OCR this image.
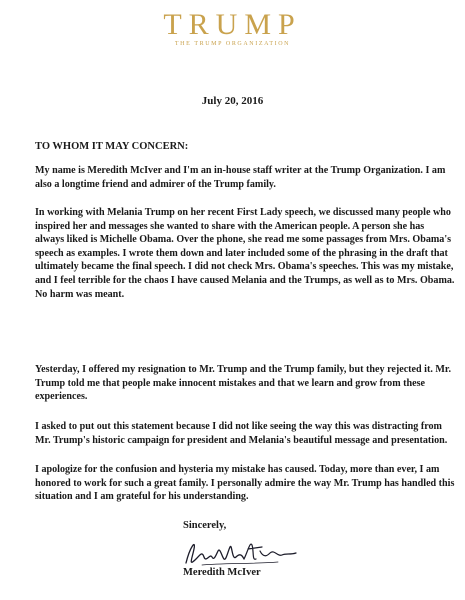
TRUMP
THE TRUMP ORGANIZATION
July 20, 2016

TO WHOM IT MAY CONCERN:

My name is Meredith McIver and I'm an in-house staff writer at the Trump Organization. I am also a longtime friend and admirer of the Trump family.

In working with Melania Trump on her recent First Lady speech, we discussed many people who inspired her and messages she wanted to share with the American people. A person she has always liked is Michelle Obama. Over the phone, she read me some passages from Mrs. Obama's speech as examples. I wrote them down and later included some of the phrasing in the draft that ultimately became the final speech. I did not check Mrs. Obama's speeches. This was my mistake, and I feel terrible for the chaos I have caused Melania and the Trumps, as well as to Mrs. Obama. No harm was meant.

Yesterday, I offered my resignation to Mr. Trump and the Trump family, but they rejected it. Mr. Trump told me that people make innocent mistakes and that we learn and grow from these experiences.

I asked to put out this statement because I did not like seeing the way this was distracting from Mr. Trump's historic campaign for president and Melania's beautiful message and presentation.

I apologize for the confusion and hysteria my mistake has caused. Today, more than ever, I am honored to work for such a great family. I personally admire the way Mr. Trump has handled this situation and I am grateful for his understanding.

Sincerely,
Meredith McIver
